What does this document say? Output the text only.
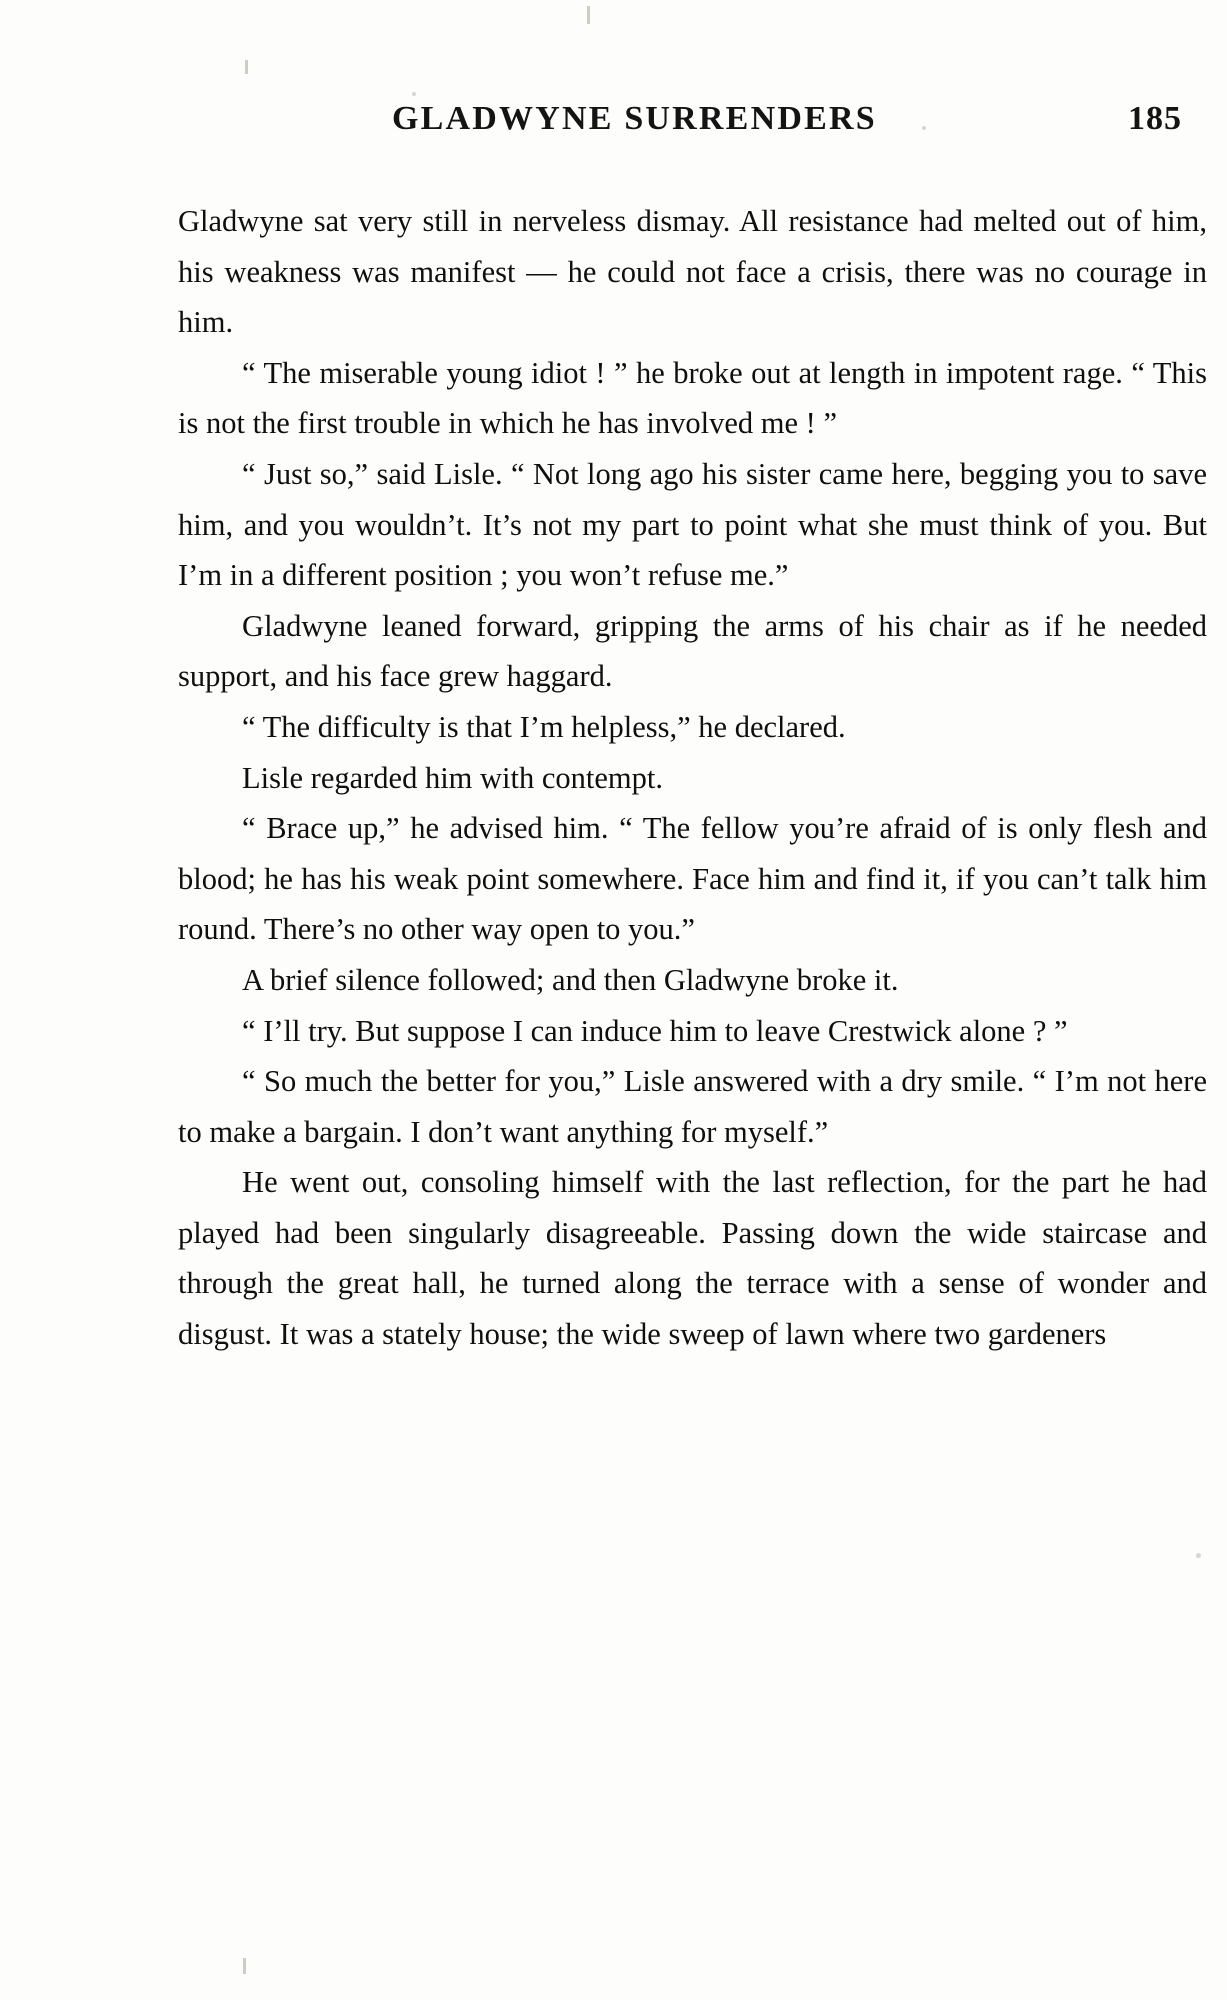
GLADWYNE SURRENDERS	185

Gladwyne sat very still in nerveless dismay. All resistance had melted out of him, his weakness was manifest — he could not face a crisis, there was no courage in him.

“ The miserable young idiot ! ” he broke out at length in impotent rage. “ This is not the first trouble in which he has involved me ! ”

“ Just so,” said Lisle. “ Not long ago his sister came here, begging you to save him, and you wouldn’t. It’s not my part to point what she must think of you. But I’m in a different position ; you won’t refuse me.”

Gladwyne leaned forward, gripping the arms of his chair as if he needed support, and his face grew haggard.

“ The difficulty is that I’m helpless,” he declared.

Lisle regarded him with contempt.

“ Brace up,” he advised him. “ The fellow you’re afraid of is only flesh and blood; he has his weak point somewhere. Face him and find it, if you can’t talk him round. There’s no other way open to you.”

A brief silence followed; and then Gladwyne broke it.

“ I’ll try. But suppose I can induce him to leave Crestwick alone ? ”

“ So much the better for you,” Lisle answered with a dry smile. “ I’m not here to make a bargain. I don’t want anything for myself.”

He went out, consoling himself with the last reflection, for the part he had played had been singularly disagreeable. Passing down the wide staircase and through the great hall, he turned along the terrace with a sense of wonder and disgust. It was a stately house; the wide sweep of lawn where two gardeners
